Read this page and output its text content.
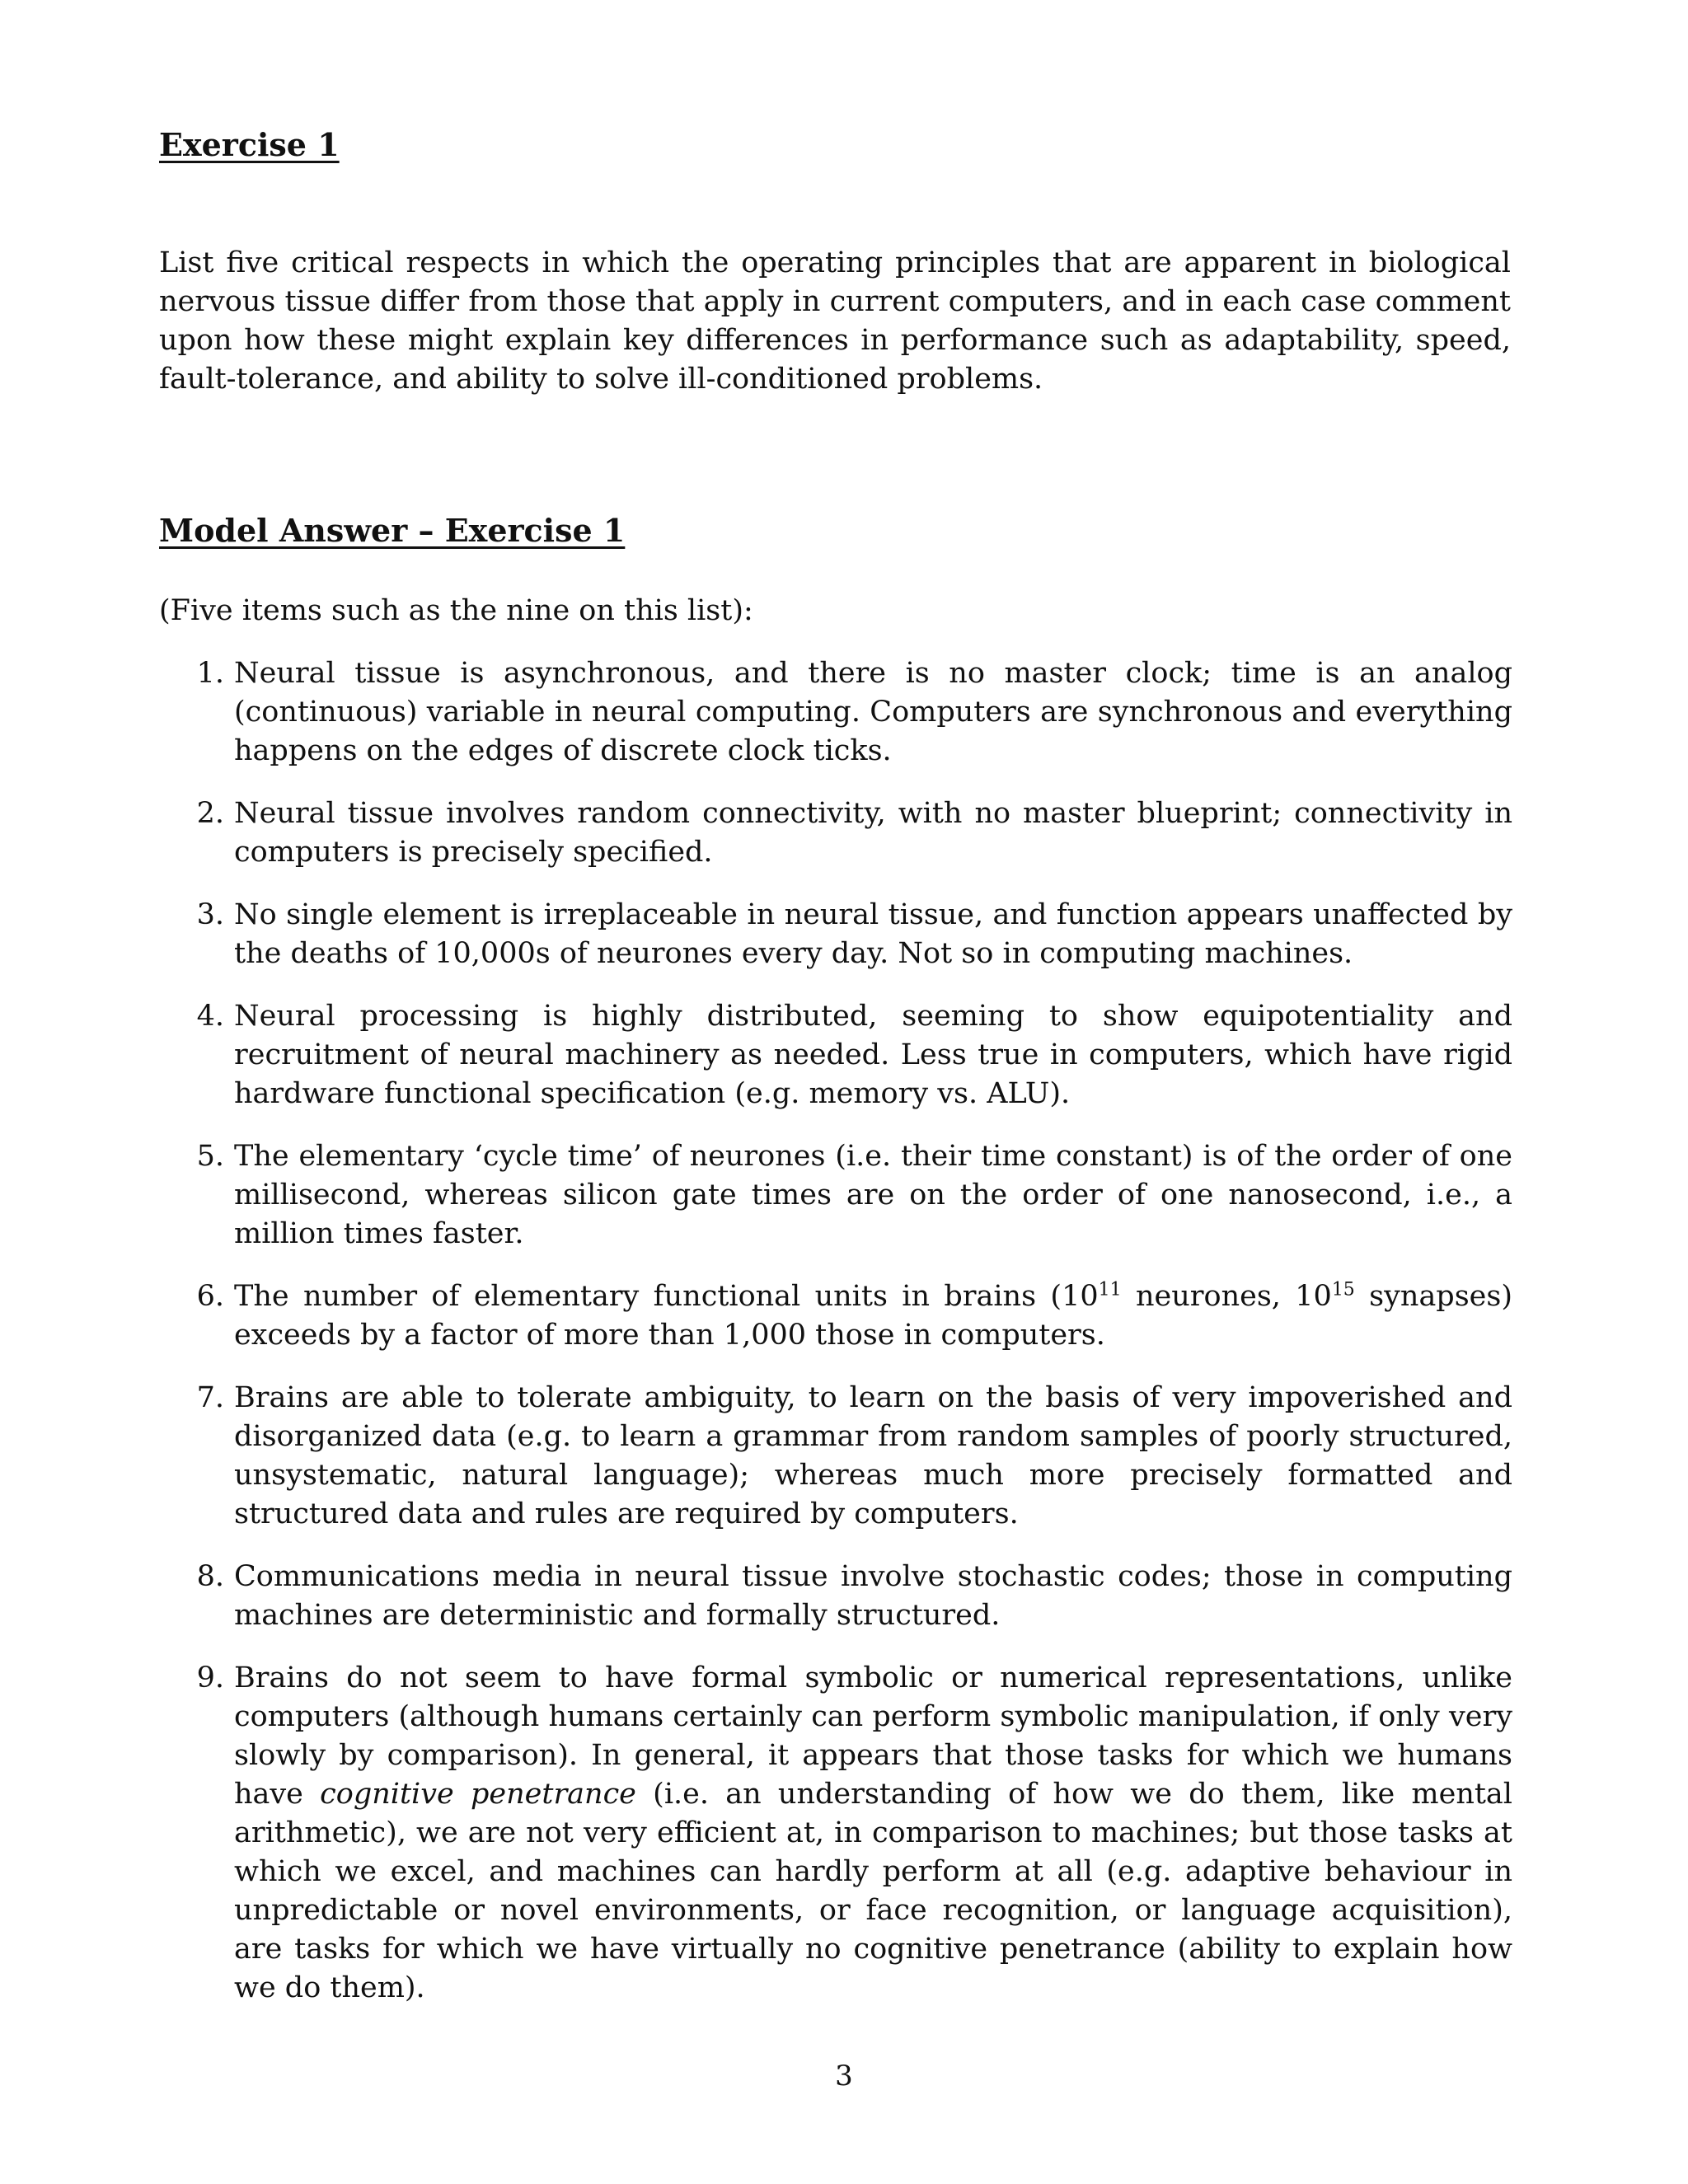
Exercise 1

List five critical respects in which the operating principles that are apparent in biological nervous tissue differ from those that apply in current computers, and in each case comment upon how these might explain key differences in performance such as adaptability, speed, fault-tolerance, and ability to solve ill-conditioned problems.

Model Answer – Exercise 1

(Five items such as the nine on this list):

1. Neural tissue is asynchronous, and there is no master clock; time is an analog (continuous) variable in neural computing. Computers are synchronous and everything happens on the edges of discrete clock ticks.
2. Neural tissue involves random connectivity, with no master blueprint; connectivity in computers is precisely specified.
3. No single element is irreplaceable in neural tissue, and function appears unaffected by the deaths of 10,000s of neurones every day. Not so in computing machines.
4. Neural processing is highly distributed, seeming to show equipotentiality and recruitment of neural machinery as needed. Less true in computers, which have rigid hardware functional specification (e.g. memory vs. ALU).
5. The elementary ‘cycle time’ of neurones (i.e. their time constant) is of the order of one millisecond, whereas silicon gate times are on the order of one nanosecond, i.e., a million times faster.
6. The number of elementary functional units in brains ($10^{11}$ neurones, $10^{15}$ synapses) exceeds by a factor of more than 1,000 those in computers.
7. Brains are able to tolerate ambiguity, to learn on the basis of very impoverished and disorganized data (e.g. to learn a grammar from random samples of poorly structured, unsystematic, natural language); whereas much more precisely formatted and structured data and rules are required by computers.
8. Communications media in neural tissue involve stochastic codes; those in computing machines are deterministic and formally structured.
9. Brains do not seem to have formal symbolic or numerical representations, unlike computers (although humans certainly can perform symbolic manipulation, if only very slowly by comparison). In general, it appears that those tasks for which we humans have cognitive penetrance (i.e. an understanding of how we do them, like mental arithmetic), we are not very efficient at, in comparison to machines; but those tasks at which we excel, and machines can hardly perform at all (e.g. adaptive behaviour in unpredictable or novel environments, or face recognition, or language acquisition), are tasks for which we have virtually no cognitive penetrance (ability to explain how we do them).
3
